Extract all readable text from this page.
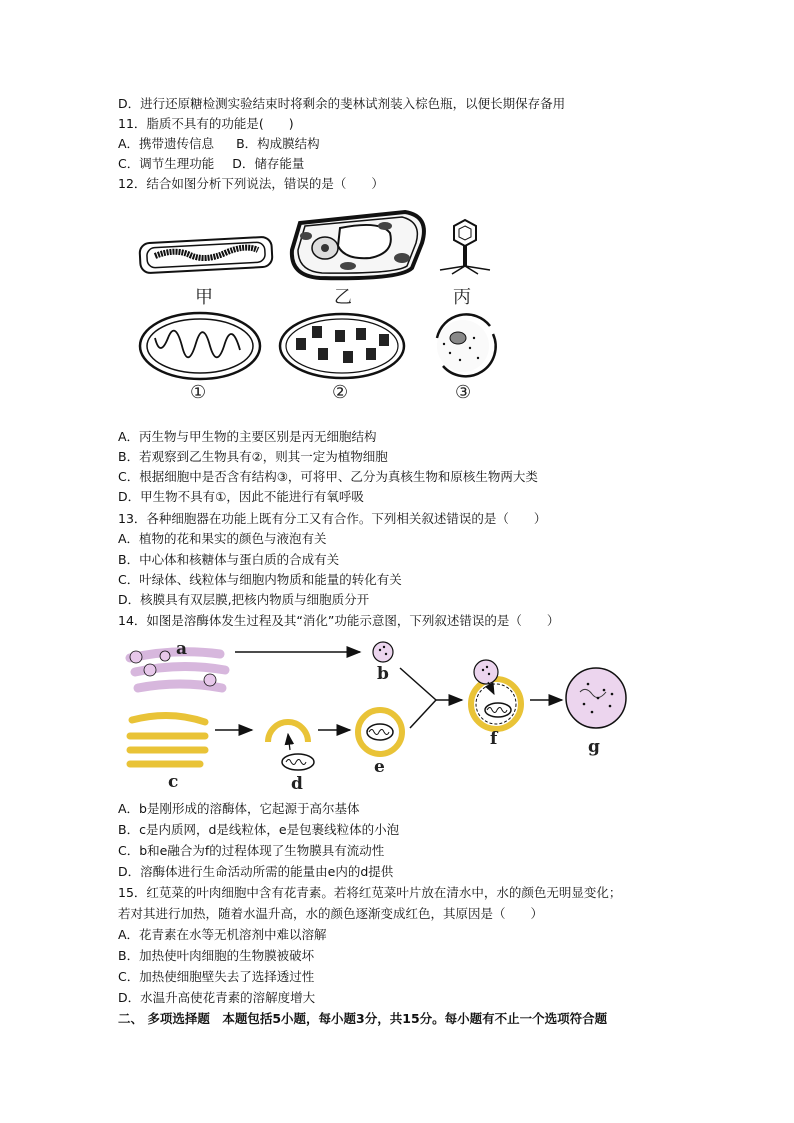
D．进行还原糖检测实验结束时将剩余的斐林试剂装入棕色瓶，以便长期保存备用
11．脂质不具有的功能是(　　)
A．携带遗传信息 B．构成膜结构
C．调节生理功能 D．储存能量
12．结合如图分析下列说法，错误的是（　　）
甲	乙	丙
①	②	③
A．丙生物与甲生物的主要区别是丙无细胞结构
B．若观察到乙生物具有②，则其一定为植物细胞
C．根据细胞中是否含有结构③，可将甲、乙分为真核生物和原核生物两大类
D．甲生物不具有①，因此不能进行有氧呼吸
13．各种细胞器在功能上既有分工又有合作。下列相关叙述错误的是（　　）
A．植物的花和果实的颜色与液泡有关
B．中心体和核糖体与蛋白质的合成有关
C．叶绿体、线粒体与细胞内物质和能量的转化有关
D．核膜具有双层膜,把核内物质与细胞质分开
14．如图是溶酶体发生过程及其“消化”功能示意图，下列叙述错误的是（　　）
a
b
c	d
e
f	g
A．b是刚形成的溶酶体，它起源于高尔基体
B．c是内质网，d是线粒体，e是包裹线粒体的小泡
C．b和e融合为f的过程体现了生物膜具有流动性
D．溶酶体进行生命活动所需的能量由e内的d提供
15．红苋菜的叶肉细胞中含有花青素。若将红苋菜叶片放在清水中，水的颜色无明显变化；
若对其进行加热，随着水温升高，水的颜色逐渐变成红色，其原因是（　　）
A．花青素在水等无机溶剂中难以溶解
B．加热使叶肉细胞的生物膜被破坏
C．加热使细胞壁失去了选择透过性
D．水温升高使花青素的溶解度增大
二、 多项选择题　本题包括5小题，每小题3分，共15分。每小题有不止一个选项符合题
